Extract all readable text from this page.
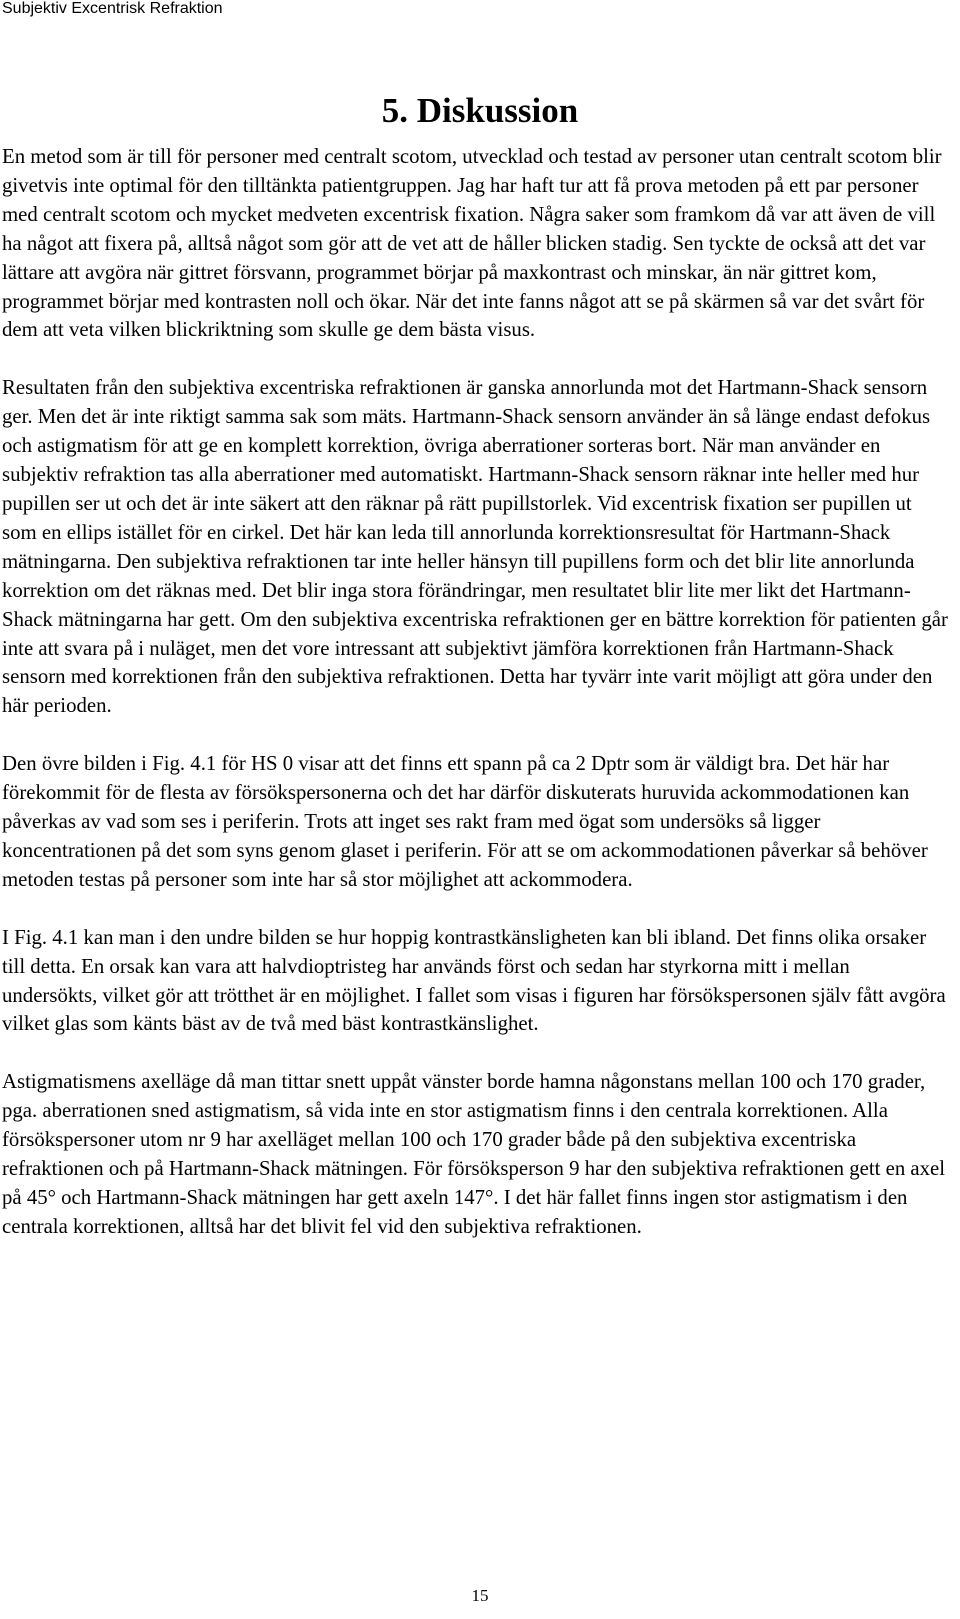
Subjektiv Excentrisk Refraktion

5. Diskussion

En metod som är till för personer med centralt scotom, utvecklad och testad av personer utan centralt scotom blir givetvis inte optimal för den tilltänkta patientgruppen. Jag har haft tur att få prova metoden på ett par personer med centralt scotom och mycket medveten excentrisk fixation. Några saker som framkom då var att även de vill ha något att fixera på, alltså något som gör att de vet att de håller blicken stadig. Sen tyckte de också att det var lättare att avgöra när gittret försvann, programmet börjar på maxkontrast och minskar, än när gittret kom, programmet börjar med kontrasten noll och ökar. När det inte fanns något att se på skärmen så var det svårt för dem att veta vilken blickriktning som skulle ge dem bästa visus.

Resultaten från den subjektiva excentriska refraktionen är ganska annorlunda mot det Hartmann-Shack sensorn ger. Men det är inte riktigt samma sak som mäts. Hartmann-Shack sensorn använder än så länge endast defokus och astigmatism för att ge en komplett korrektion, övriga aberrationer sorteras bort. När man använder en subjektiv refraktion tas alla aberrationer med automatiskt. Hartmann-Shack sensorn räknar inte heller med hur pupillen ser ut och det är inte säkert att den räknar på rätt pupillstorlek. Vid excentrisk fixation ser pupillen ut som en ellips istället för en cirkel. Det här kan leda till annorlunda korrektionsresultat för Hartmann-Shack mätningarna. Den subjektiva refraktionen tar inte heller hänsyn till pupillens form och det blir lite annorlunda korrektion om det räknas med. Det blir inga stora förändringar, men resultatet blir lite mer likt det Hartmann-Shack mätningarna har gett. Om den subjektiva excentriska refraktionen ger en bättre korrektion för patienten går inte att svara på i nuläget, men det vore intressant att subjektivt jämföra korrektionen från Hartmann-Shack sensorn med korrektionen från den subjektiva refraktionen. Detta har tyvärr inte varit möjligt att göra under den här perioden.

Den övre bilden i Fig. 4.1 för HS 0 visar att det finns ett spann på ca 2 Dptr som är väldigt bra. Det här har förekommit för de flesta av försökspersonerna och det har därför diskuterats huruvida ackommodationen kan påverkas av vad som ses i periferin. Trots att inget ses rakt fram med ögat som undersöks så ligger koncentrationen på det som syns genom glaset i periferin. För att se om ackommodationen påverkar så behöver metoden testas på personer som inte har så stor möjlighet att ackommodera.

I Fig. 4.1 kan man i den undre bilden se hur hoppig kontrastkänsligheten kan bli ibland. Det finns olika orsaker till detta. En orsak kan vara att halvdioptristeg har används först och sedan har styrkorna mitt i mellan undersökts, vilket gör att trötthet är en möjlighet. I fallet som visas i figuren har försökspersonen själv fått avgöra vilket glas som känts bäst av de två med bäst kontrastkänslighet.

Astigmatismens axelläge då man tittar snett uppåt vänster borde hamna någonstans mellan 100 och 170 grader, pga. aberrationen sned astigmatism, så vida inte en stor astigmatism finns i den centrala korrektionen. Alla försökspersoner utom nr 9 har axelläget mellan 100 och 170 grader både på den subjektiva excentriska refraktionen och på Hartmann-Shack mätningen. För försöksperson 9 har den subjektiva refraktionen gett en axel på 45° och Hartmann-Shack mätningen har gett axeln 147°. I det här fallet finns ingen stor astigmatism i den centrala korrektionen, alltså har det blivit fel vid den subjektiva refraktionen.

15
